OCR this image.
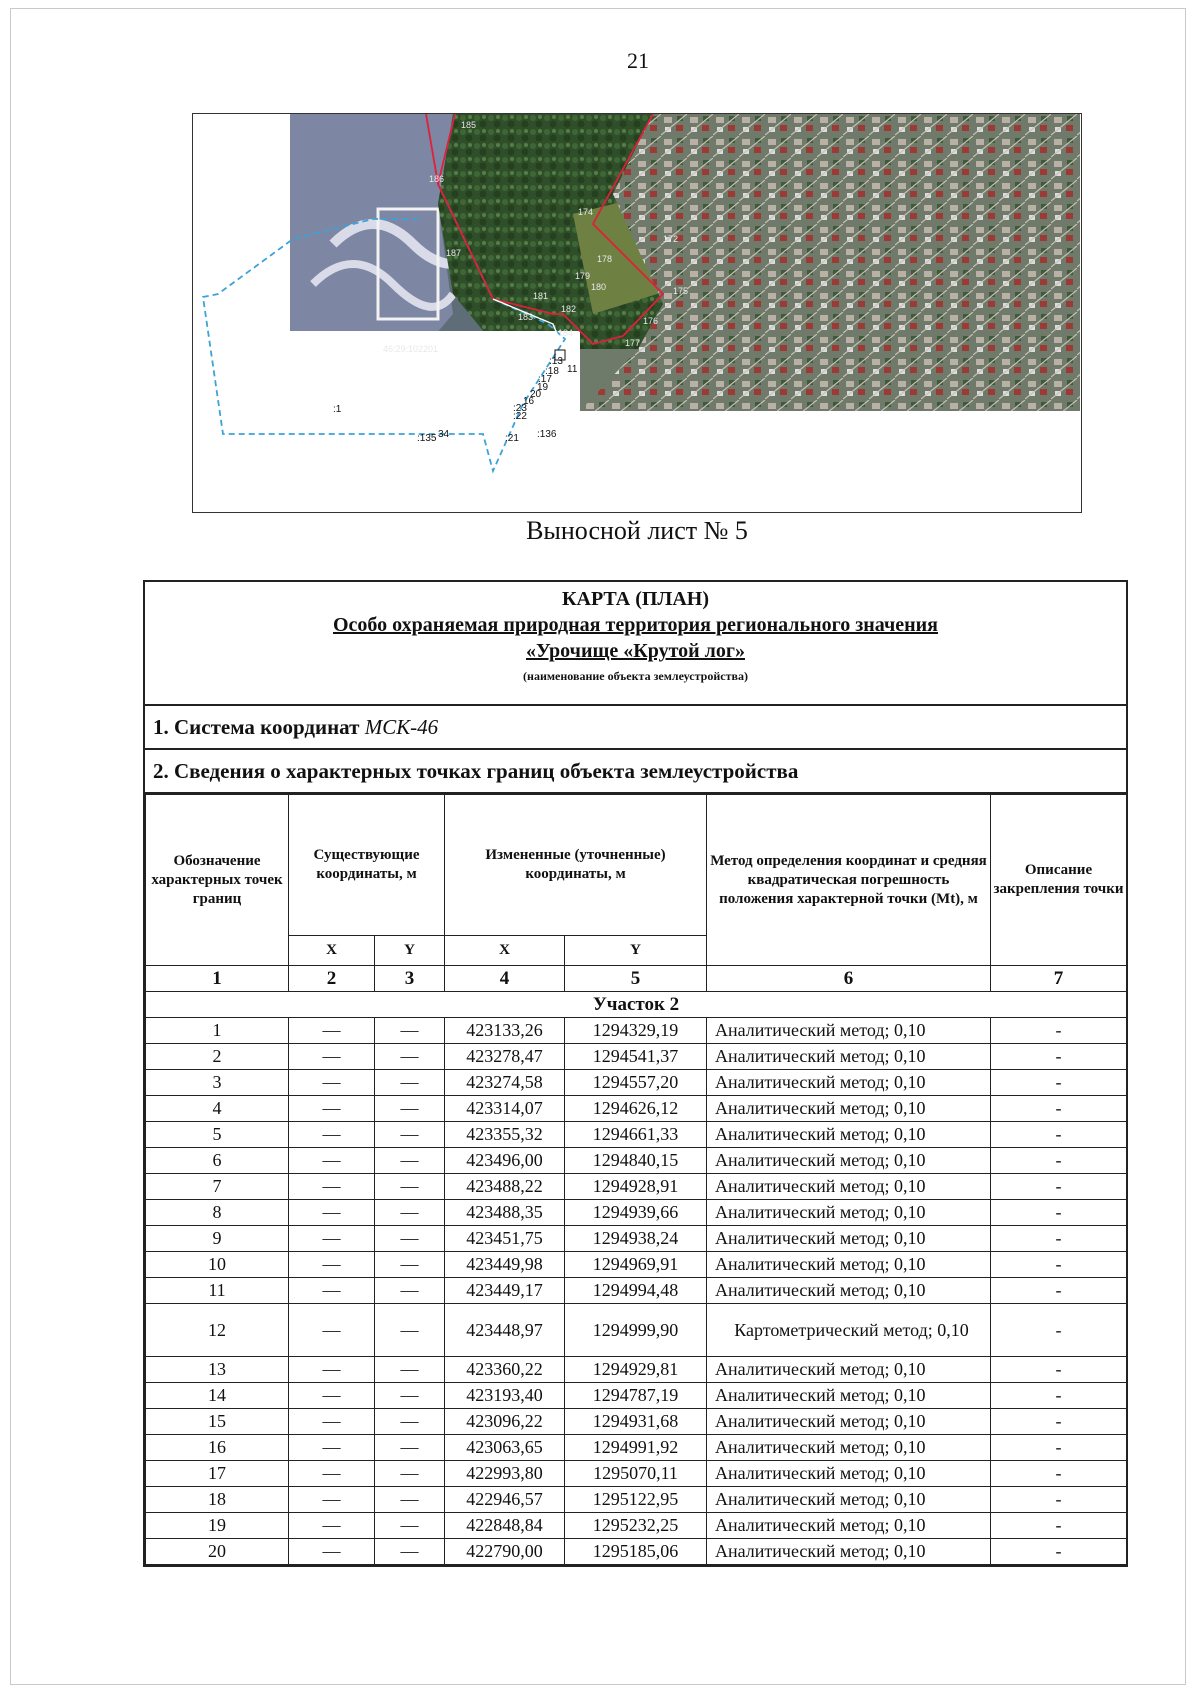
21
185
186
187
174
172
175
176
177
178
179
180
181
182
183
184
:13
:18
:17
19
20
16
:23
:22
:1
:135 34	:21 :136
11
46:29:102201
Выносной лист № 5
КАРТА (ПЛАН)
Особо охраняемая природная территория регионального значения
«Урочище «Крутой лог»
(наименование объекта землеустройства)
1. Система координат МСК-46
2. Сведения о характерных точках границ объекта землеустройства
Обозначение характерных точек границ	Существующие координаты, м		Измененные (уточненные) координаты, м		Метод определения координат и средняя квадратическая погрешность положения характерной точки (Mt), м	Описание закрепления точки
	X	Y	X	Y		
1	2	3	4	5	6	7
Участок 2						
1	—	—	423133,26	1294329,19	Аналитический метод; 0,10	-
2	—	—	423278,47	1294541,37	Аналитический метод; 0,10	-
3	—	—	423274,58	1294557,20	Аналитический метод; 0,10	-
4	—	—	423314,07	1294626,12	Аналитический метод; 0,10	-
5	—	—	423355,32	1294661,33	Аналитический метод; 0,10	-
6	—	—	423496,00	1294840,15	Аналитический метод; 0,10	-
7	—	—	423488,22	1294928,91	Аналитический метод; 0,10	-
8	—	—	423488,35	1294939,66	Аналитический метод; 0,10	-
9	—	—	423451,75	1294938,24	Аналитический метод; 0,10	-
10	—	—	423449,98	1294969,91	Аналитический метод; 0,10	-
11	—	—	423449,17	1294994,48	Аналитический метод; 0,10	-
12	—	—	423448,97	1294999,90	Картометрический метод; 0,10	-
13	—	—	423360,22	1294929,81	Аналитический метод; 0,10	-
14	—	—	423193,40	1294787,19	Аналитический метод; 0,10	-
15	—	—	423096,22	1294931,68	Аналитический метод; 0,10	-
16	—	—	423063,65	1294991,92	Аналитический метод; 0,10	-
17	—	—	422993,80	1295070,11	Аналитический метод; 0,10	-
18	—	—	422946,57	1295122,95	Аналитический метод; 0,10	-
19	—	—	422848,84	1295232,25	Аналитический метод; 0,10	-
20	—	—	422790,00	1295185,06	Аналитический метод; 0,10	-
